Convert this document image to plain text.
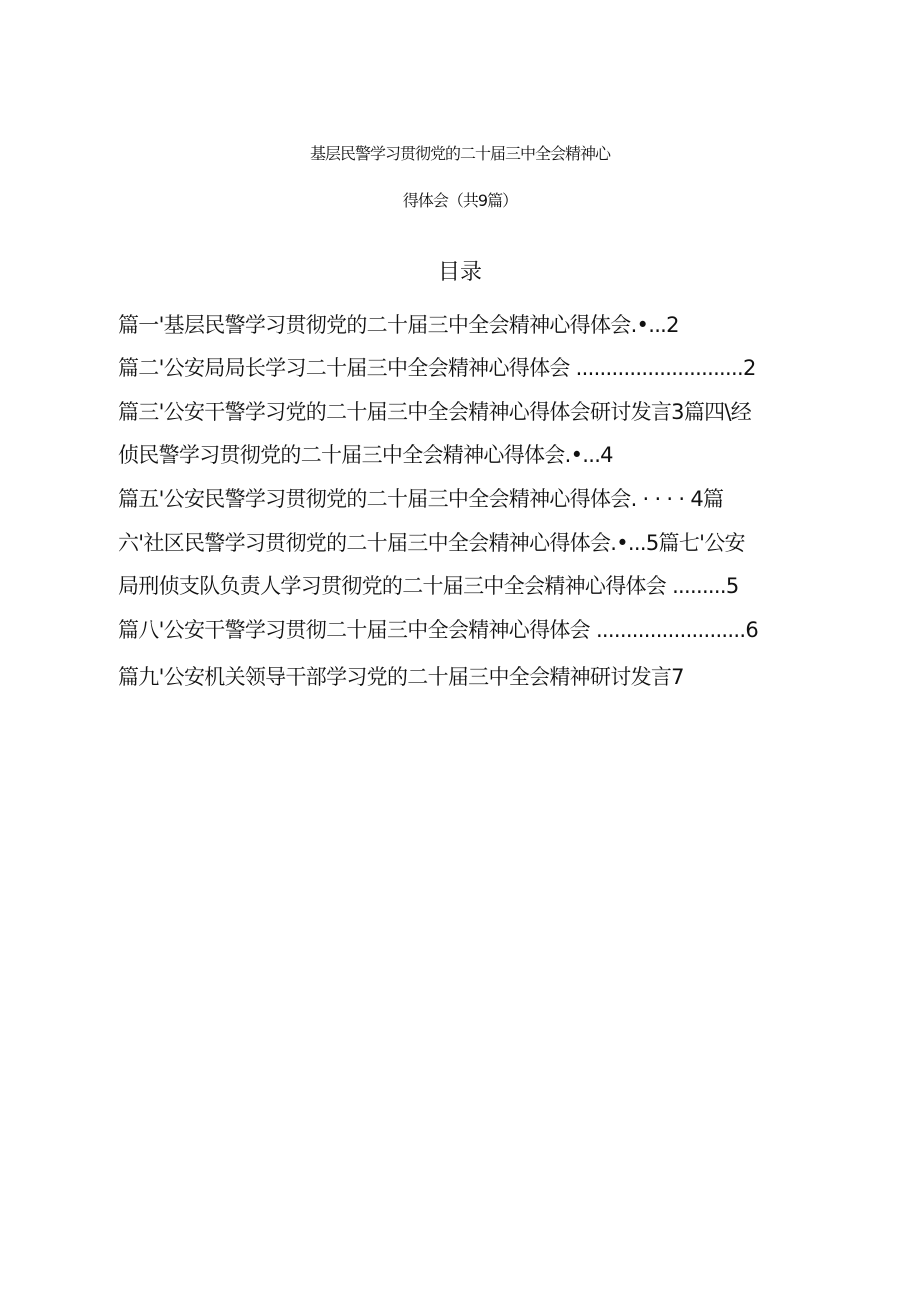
基层民警学习贯彻党的二十届三中全会精神心
得体会（共9篇）
目录
篇一'基层民警学习贯彻党的二十届三中全会精神心得体会.•...2
篇二'公安局局长学习二十届三中全会精神心得体会 ............................2
篇三'公安干警学习党的二十届三中全会精神心得体会研讨发言3篇四\经
侦民警学习贯彻党的二十届三中全会精神心得体会.•...4
篇五'公安民警学习贯彻党的二十届三中全会精神心得体会. · · · · 4篇
六'社区民警学习贯彻党的二十届三中全会精神心得体会.•...5篇七'公安
局刑侦支队负责人学习贯彻党的二十届三中全会精神心得体会 .........5
篇八'公安干警学习贯彻二十届三中全会精神心得体会 .........................6
篇九'公安机关领导干部学习党的二十届三中全会精神研讨发言7
